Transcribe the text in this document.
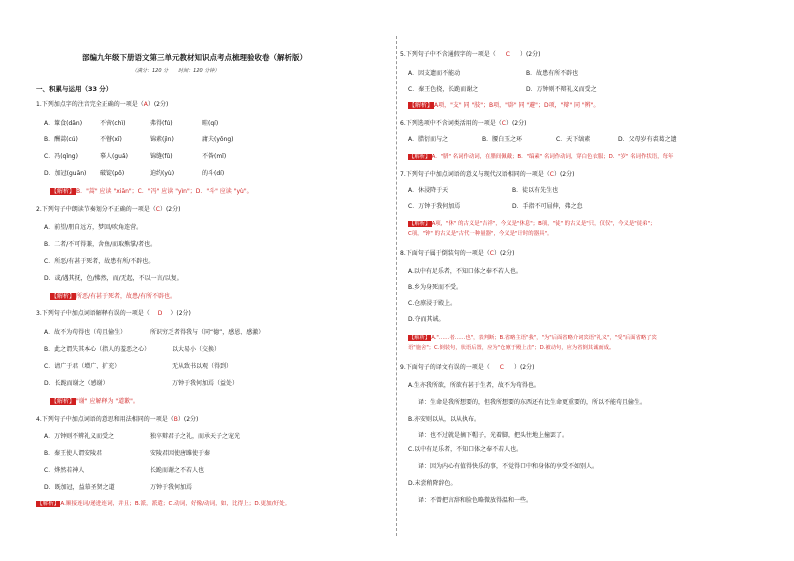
部编九年级下册语文第三单元教材知识点考点梳理验收卷（解析版）
（满分：120 分　　时间：120 分钟）
一、积累与运用（33 分）
1.下列加点字的注音完全正确的一项是（A）(2分)
A．簞食(dān)	不啻(chì)	弗得(fú)	畦(qí)
B．酬蒿(cú)	不瞽(xī)	锦素(jìn)	庸夫(yōng)
C．冯(qǐng)	摹人(guǎ)	锦缝(fǔ)	不昝(mǐ)
D．加冠(guān) 破锭(pō)	迫约(yù)	的斗(dí)
【解析】B．"蒿" 应读 "xiān"；C．"冯" 应读 "yìn"；D．"斗" 应读 "yù"。
2.下列句子中朗读节奏划分不正确的一项是（C）(2分)
A．前望/朋自远方，梦回/吹角连营。
B．二者/不可得兼，舍鱼/而取熊掌/者也。
C．所恶/有甚于死者，故患有所/不辟也。
D．或/遇其抚，色/怫然，而/无起，不以一言/以复。
【解析】所恶/有甚于死者，故患/有所不辟也。
3.下列句子中加点词语解释有误的一项是（ D ）(2分)
A．故不为苟得也（苟且偷生）	所识穷乏者得我与（同“德”，感恩、感激）
B．此之谓失其本心（指人的羞恶之心）	以大易小（交换）
C．请广于君（增广、扩充）	无从致书以观（得到）
D．长跪而谢之（感谢）	万钟于我何加焉（益处）
【解析】"谢" 应解释为 "道歉"。
4.下列句子中加点词语的意思和用法相同的一项是（B）(2分)
A．万钟则不辨礼义而受之	独卒辩君子之礼，而承天子之宠光
B．秦王使人谓安陵君	安陵君因使唐雎使于秦
C．烨然若神人	长跪而谢之不若人也
D．既加冠，益慕圣贤之道	万钟于我何加焉
【解析】A.顺接连词/递进连词，并且；B.派，派遣；C.动词，好像/动词，如，比得上；D.更加/好处。
5.下列句子中不含通假字的一项是（ C ）(2分)
A．因支遗而不能动	B．故患有所不辟也
C．秦王色挠，长跪而谢之	D．万钟则不辩礼义而受之
【解析】A项，"支" 同 "肢"；B项，"辟" 同 "避"；D项，"辩" 同 "辨"。
6.下列选项中不含词类活用的一项是（C）(2分)
A．腊衍而与之	B．腰白玉之环	C．天下缟素	D．父母岁有裘葛之遗
【解析】A．"腊" 名词作动词，在腊间佩戴；B．"缟素" 名词作动词，穿白色衣服；D．"岁" 名词作状语，每年
7.下列句子中加点词语的意义与现代汉语相同的一项是（C）(2分)
A．休浸降于天	B．徒以有先生也
C．万钟于我何加焉	D．手指不可屈伸，弗之怠
【解析】A项，"休" 的古义是"吉祥"，今义是"休息"；B项，"徒" 的古义是"只，仅仅"，今义是"徒弟"；
C项，"钟" 的古义是"古代一种量器"，今义是"计时的器具"。
8.下面句子属于倒装句的一项是（C）(2分)
A.以中有足乐者，不知口体之奉不若人也。
B.乡为身死而不受。
C.仓廪浸于殿上。
D.夺而其诚。
【解析】A."……者……也"，表判断；B.省略主语"我"，"为"后面省略介词宾语"礼义"，"受"后面省略了宾
语"施舍"；C.倒装句，状语后置，应为"仓廪于殿上击"；D.被动句，应为省倒其诚而成。
9.下面句子的译文有误的一项是（ C ）(2分)
A.生亦我所欲，所欲有甚于生者，故不为苟得也。
译：生命是我所想要的，但我所想要的东西还有比生命更重要的，所以不能苟且偷生。
B.亦安则以从，以从执布。
译：也不过就是摘下帽子，光着脚，把头往地上撞罢了。
C.以中有足乐者，不知口体之奉不若人也。
译：因为内心有值得快乐的事，不觉得口中和身体的享受不如别人。
D.未尝稍降辞色。
译：不曾把言辞和脸色略微放得温和一些。
